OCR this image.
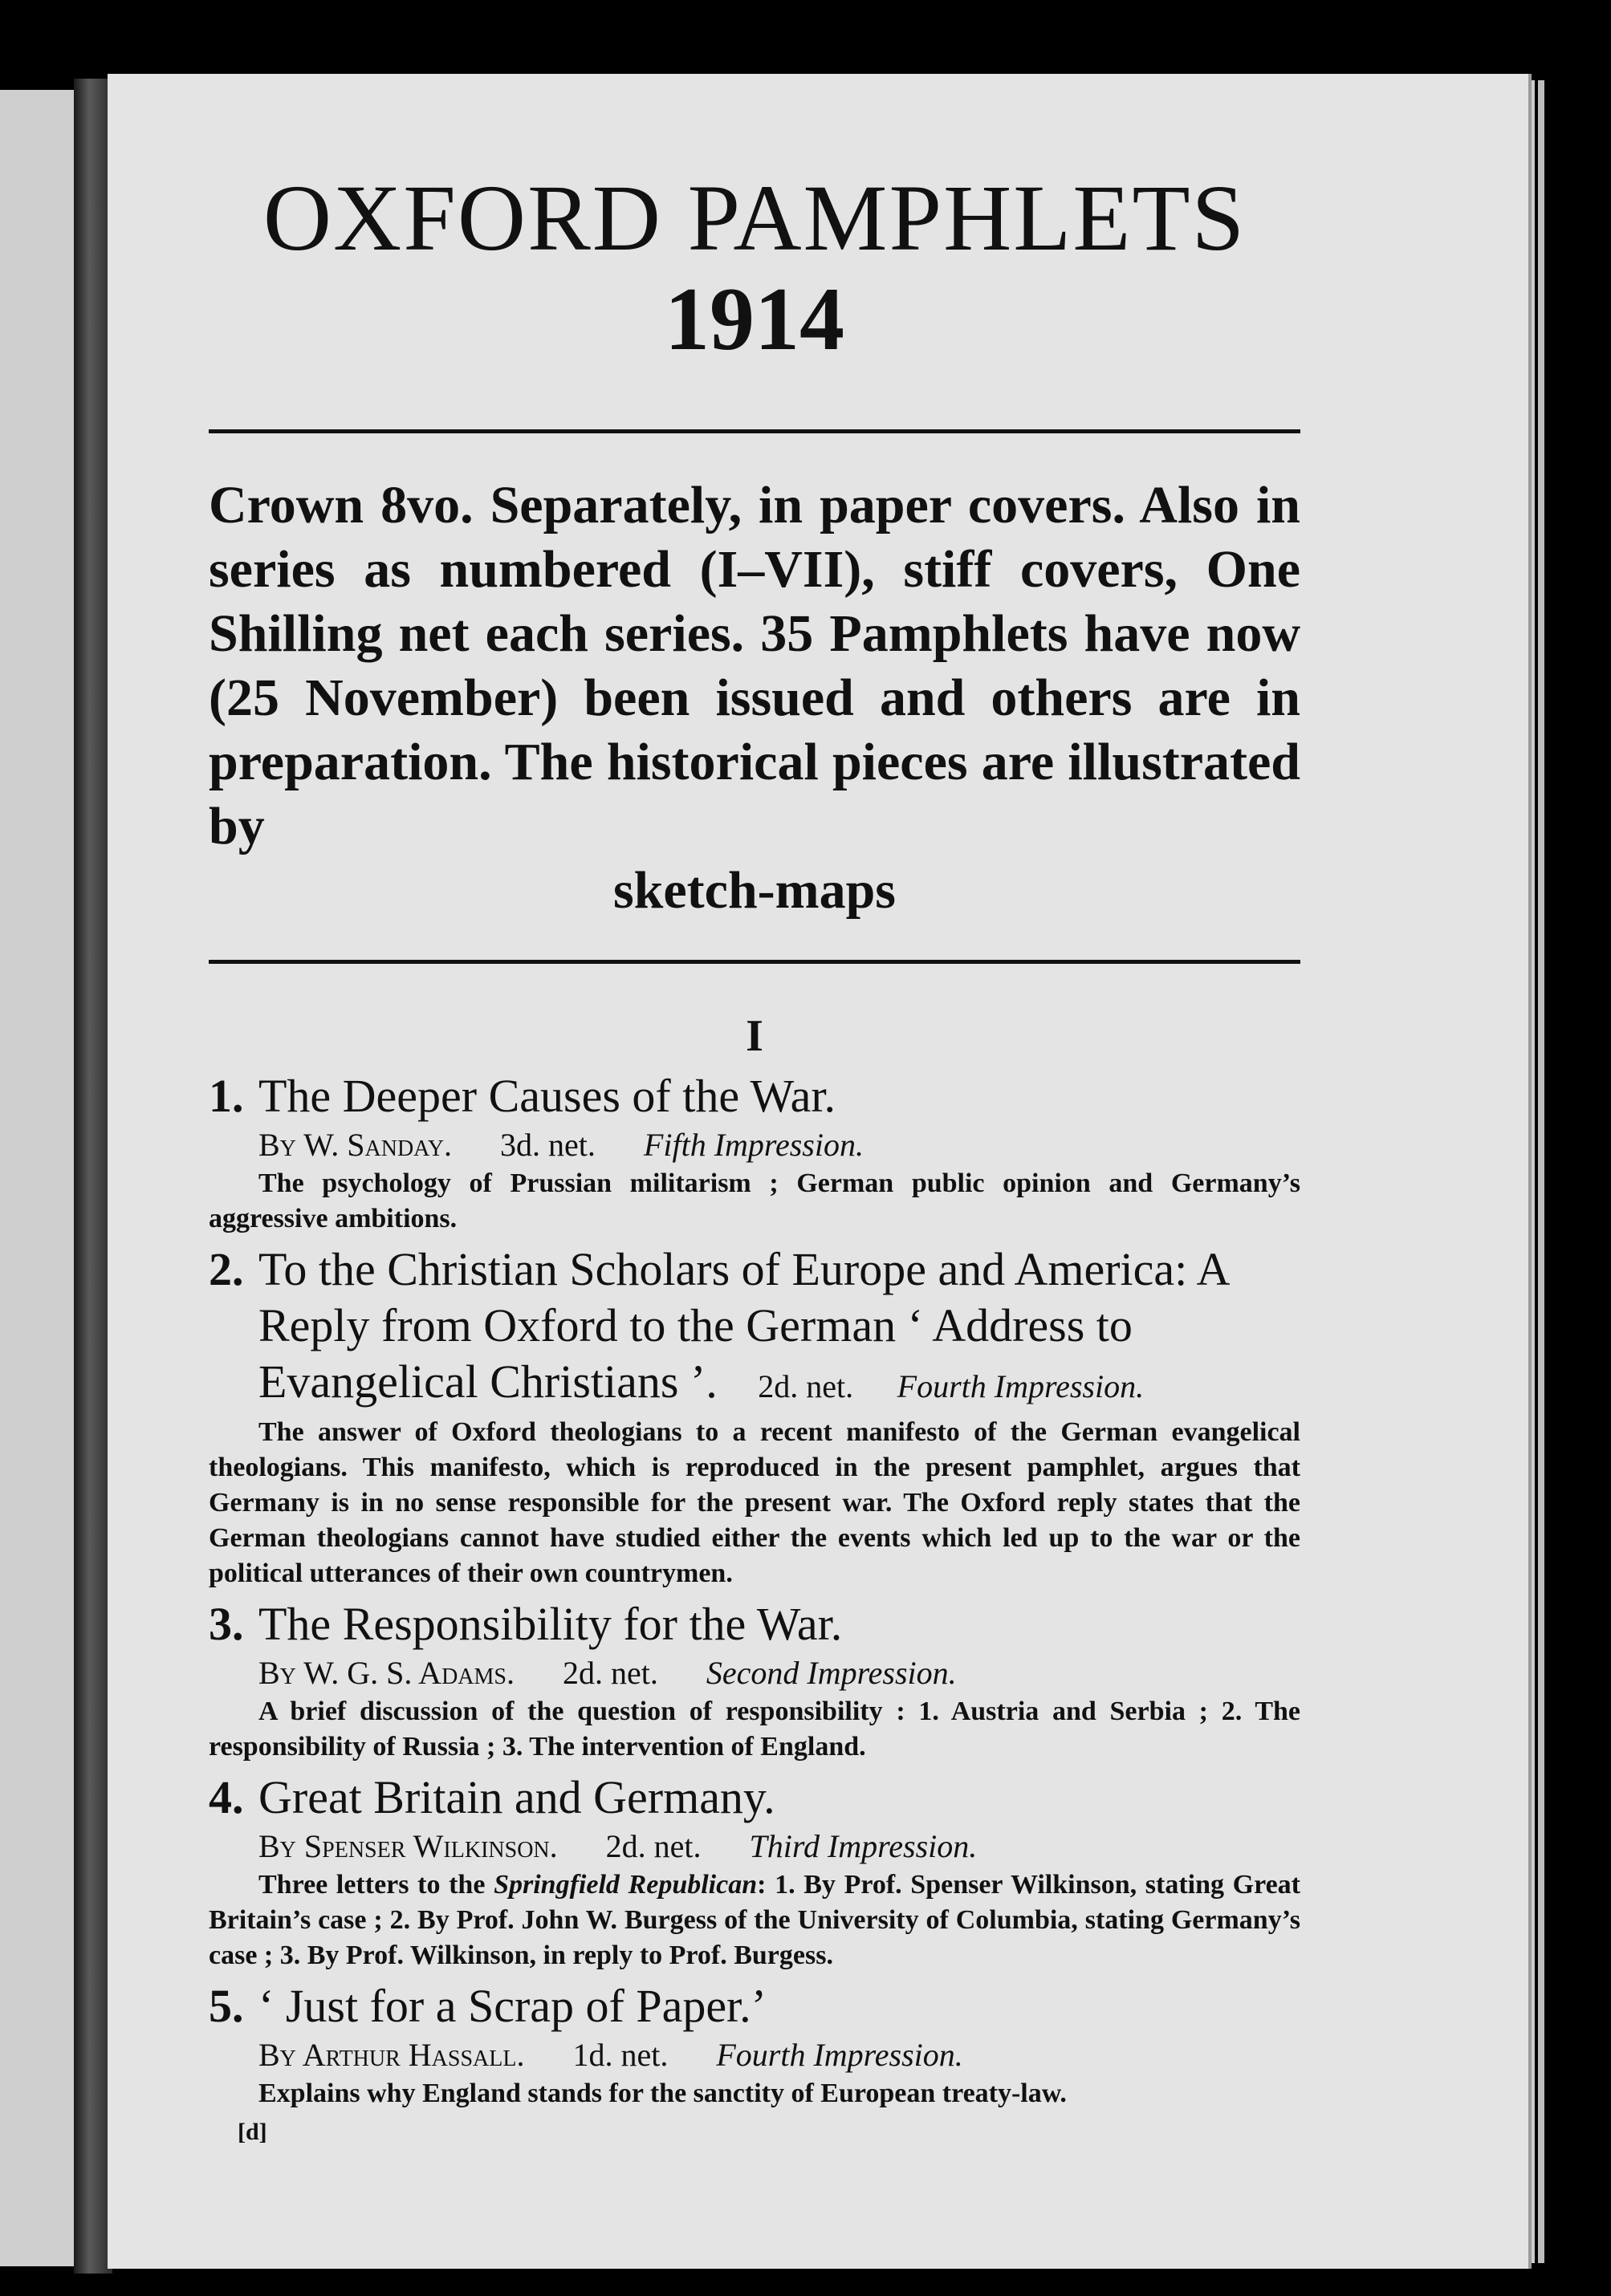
OXFORD PAMPHLETS
1914

Crown 8vo. Separately, in paper covers. Also in series as numbered (I–VII), stiff covers, One Shilling net each series. 35 Pamphlets have now (25 November) been issued and others are in preparation. The historical pieces are illustrated by
sketch-maps

I
1. The Deeper Causes of the War.
By W. Sanday. 3d. net. Fifth Impression.
The psychology of Prussian militarism ; German public opinion and Germany’s aggressive ambitions.
2. To the Christian Scholars of Europe and America: A Reply from Oxford to the German ‘ Address to Evangelical Christians ’. 2d. net. Fourth Impression.
The answer of Oxford theologians to a recent manifesto of the German evangelical theologians. This manifesto, which is reproduced in the present pamphlet, argues that Germany is in no sense responsible for the present war. The Oxford reply states that the German theologians cannot have studied either the events which led up to the war or the political utterances of their own countrymen.
3. The Responsibility for the War.
By W. G. S. Adams. 2d. net. Second Impression.
A brief discussion of the question of responsibility : 1. Austria and Serbia ; 2. The responsibility of Russia ; 3. The intervention of England.
4. Great Britain and Germany.
By Spenser Wilkinson. 2d. net. Third Impression.
Three letters to the Springfield Republican: 1. By Prof. Spenser Wilkinson, stating Great Britain’s case ; 2. By Prof. John W. Burgess of the University of Columbia, stating Germany’s case ; 3. By Prof. Wilkinson, in reply to Prof. Burgess.
5. ‘ Just for a Scrap of Paper.’
By Arthur Hassall. 1d. net. Fourth Impression.
Explains why England stands for the sanctity of European treaty-law.
[d]
